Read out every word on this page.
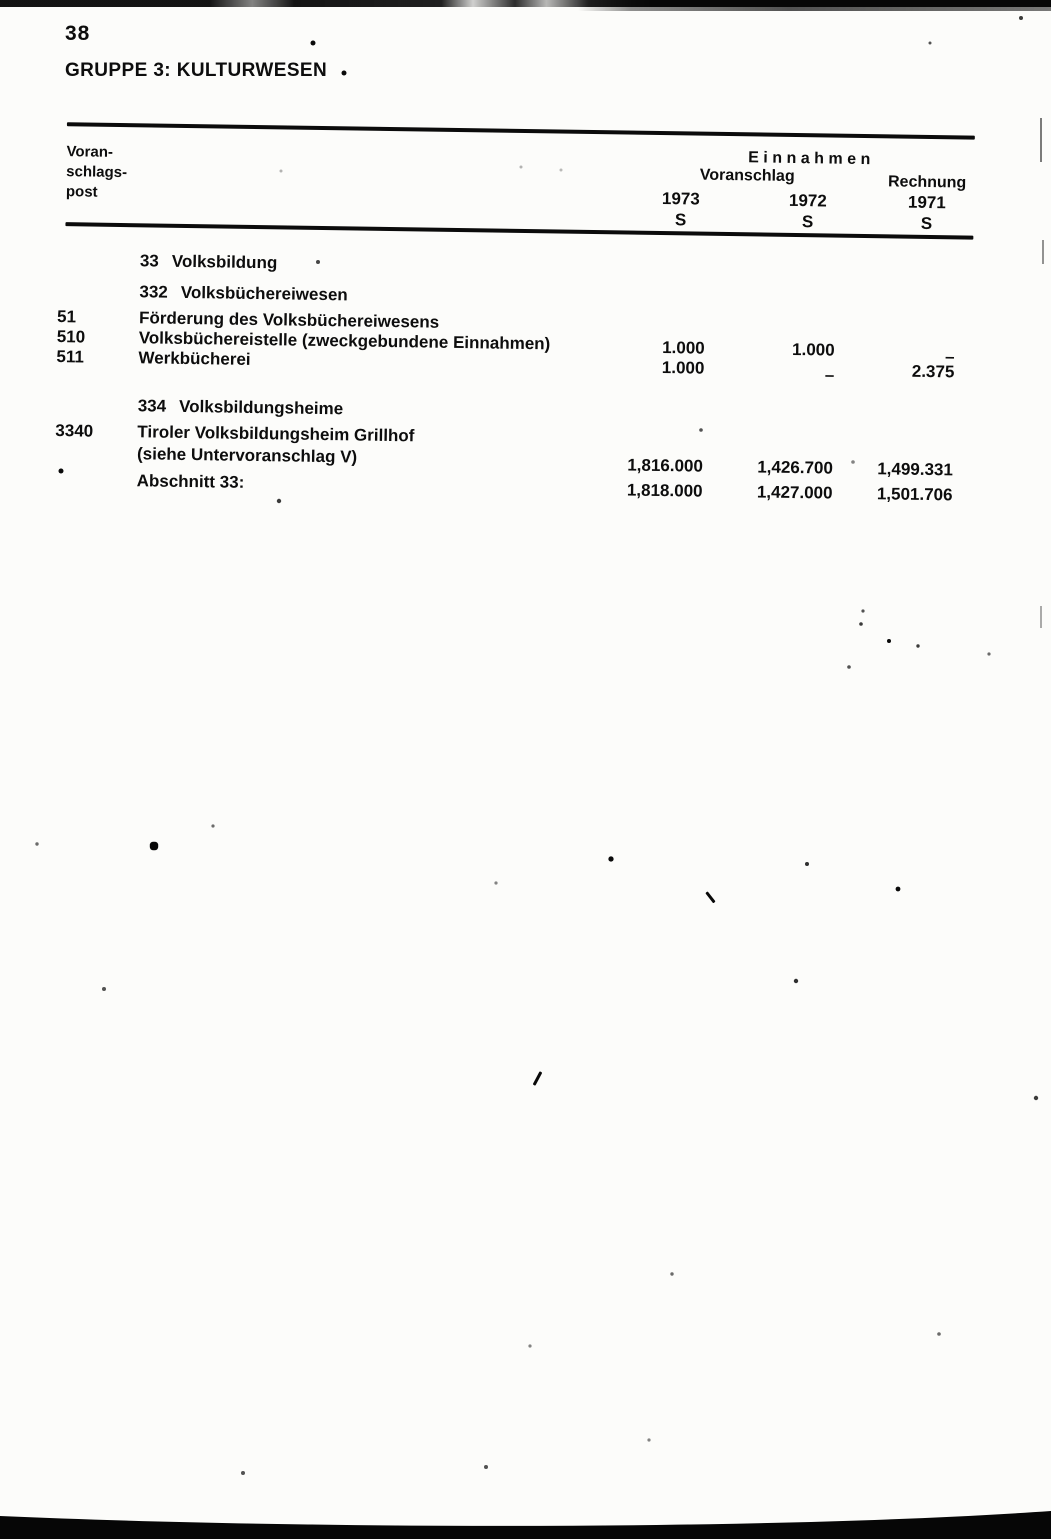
38
GRUPPE 3: KULTURWESEN
Voran-
schlags-
post
Einnahmen
Voranschlag	Rechnung
1973
S
1972
S
1971
S
33 Volksbildung
332 Volksbüchereiwesen
51	Förderung des Volksbüchereiwesens
510	Volksbüchereistelle (zweckgebundene Einnahmen)	1.000	1.000	–
511	Werkbücherei	1.000	–	2.375
334 Volksbildungsheime
3340	Tiroler Volksbildungsheim Grillhof
(siehe Untervoranschlag V)	1,816.000	1,426.700	1,499.331
Abschnitt 33:	1,818.000	1,427.000	1,501.706
